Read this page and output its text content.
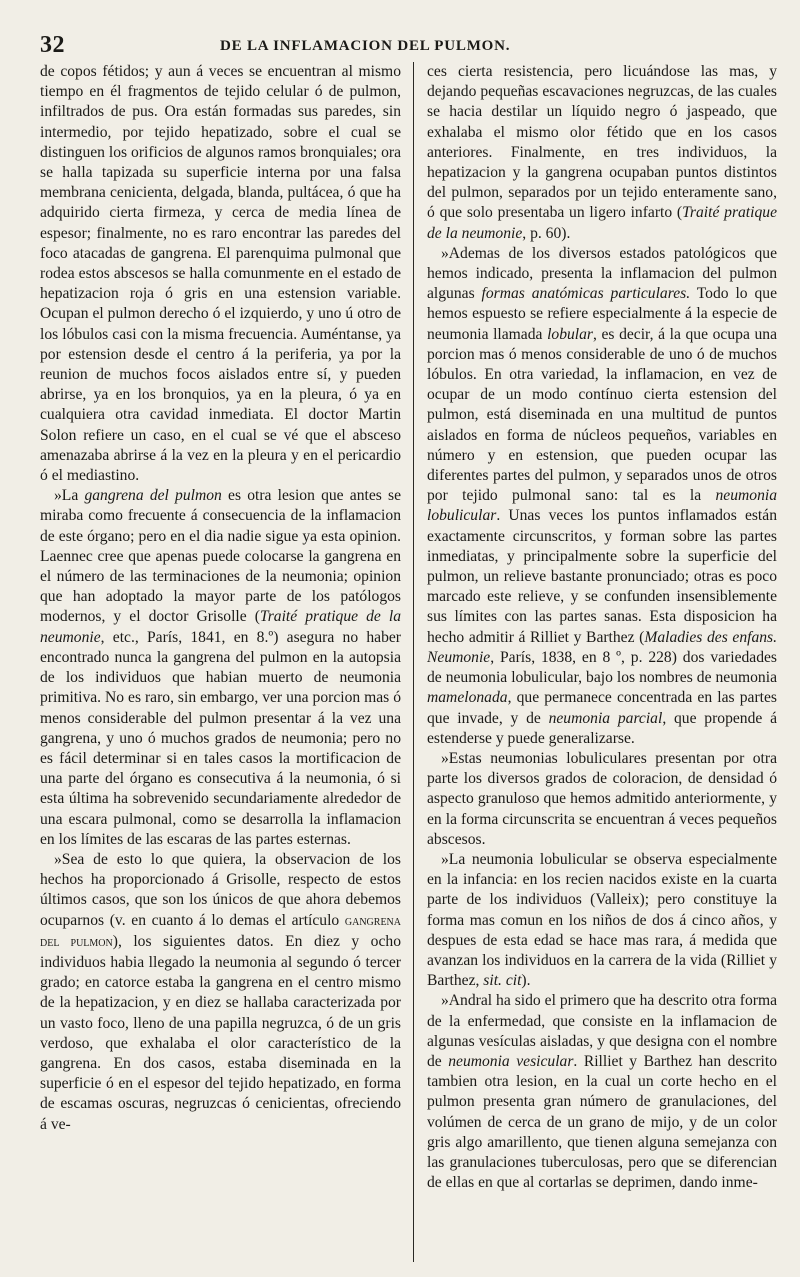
32	DE LA INFLAMACION DEL PULMON.

de copos fétidos; y aun á veces se encuentran al mismo tiempo en él fragmentos de tejido celular ó de pulmon, infiltrados de pus. Ora están formadas sus paredes, sin intermedio, por tejido hepatizado, sobre el cual se distinguen los orificios de algunos ramos bronquiales; ora se halla tapizada su superficie interna por una falsa membrana cenicienta, delgada, blanda, pultácea, ó que ha adquirido cierta firmeza, y cerca de media línea de espesor; finalmente, no es raro encontrar las paredes del foco atacadas de gangrena. El parenquima pulmonal que rodea estos abscesos se halla comunmente en el estado de hepatizacion roja ó gris en una estension variable. Ocupan el pulmon derecho ó el izquierdo, y uno ú otro de los lóbulos casi con la misma frecuencia. Auméntanse, ya por estension desde el centro á la periferia, ya por la reunion de muchos focos aislados entre sí, y pueden abrirse, ya en los bronquios, ya en la pleura, ó ya en cualquiera otra cavidad inmediata. El doctor Martin Solon refiere un caso, en el cual se vé que el absceso amenazaba abrirse á la vez en la pleura y en el pericardio ó el mediastino.

»La gangrena del pulmon es otra lesion que antes se miraba como frecuente á consecuencia de la inflamacion de este órgano; pero en el dia nadie sigue ya esta opinion. Laennec cree que apenas puede colocarse la gangrena en el número de las terminaciones de la neumonia; opinion que han adoptado la mayor parte de los patólogos modernos, y el doctor Grisolle (Traité pratique de la neumonie, etc., París, 1841, en 8.º) asegura no haber encontrado nunca la gangrena del pulmon en la autopsia de los individuos que habian muerto de neumonia primitiva. No es raro, sin embargo, ver una porcion mas ó menos considerable del pulmon presentar á la vez una gangrena, y uno ó muchos grados de neumonia; pero no es fácil determinar si en tales casos la mortificacion de una parte del órgano es consecutiva á la neumonia, ó si esta última ha sobrevenido secundariamente alrededor de una escara pulmonal, como se desarrolla la inflamacion en los límites de las escaras de las partes esternas.

»Sea de esto lo que quiera, la observacion de los hechos ha proporcionado á Grisolle, respecto de estos últimos casos, que son los únicos de que ahora debemos ocuparnos (v. en cuanto á lo demas el artículo gangrena del pulmon), los siguientes datos. En diez y ocho individuos habia llegado la neumonia al segundo ó tercer grado; en catorce estaba la gangrena en el centro mismo de la hepatizacion, y en diez se hallaba caracterizada por un vasto foco, lleno de una papilla negruzca, ó de un gris verdoso, que exhalaba el olor característico de la gangrena. En dos casos, estaba diseminada en la superficie ó en el espesor del tejido hepatizado, en forma de escamas oscuras, negruzcas ó cenicientas, ofreciendo á ve-

ces cierta resistencia, pero licuándose las mas, y dejando pequeñas escavaciones negruzcas, de las cuales se hacia destilar un líquido negro ó jaspeado, que exhalaba el mismo olor fétido que en los casos anteriores. Finalmente, en tres individuos, la hepatizacion y la gangrena ocupaban puntos distintos del pulmon, separados por un tejido enteramente sano, ó que solo presentaba un ligero infarto (Traité pratique de la neumonie, p. 60).

»Ademas de los diversos estados patológicos que hemos indicado, presenta la inflamacion del pulmon algunas formas anatómicas particulares. Todo lo que hemos espuesto se refiere especialmente á la especie de neumonia llamada lobular, es decir, á la que ocupa una porcion mas ó menos considerable de uno ó de muchos lóbulos. En otra variedad, la inflamacion, en vez de ocupar de un modo contínuo cierta estension del pulmon, está diseminada en una multitud de puntos aislados en forma de núcleos pequeños, variables en número y en estension, que pueden ocupar las diferentes partes del pulmon, y separados unos de otros por tejido pulmonal sano: tal es la neumonia lobulicular. Unas veces los puntos inflamados están exactamente circunscritos, y forman sobre las partes inmediatas, y principalmente sobre la superficie del pulmon, un relieve bastante pronunciado; otras es poco marcado este relieve, y se confunden insensiblemente sus límites con las partes sanas. Esta disposicion ha hecho admitir á Rilliet y Barthez (Maladies des enfans. Neumonie, París, 1838, en 8 º, p. 228) dos variedades de neumonia lobulicular, bajo los nombres de neumonia mamelonada, que permanece concentrada en las partes que invade, y de neumonia parcial, que propende á estenderse y puede generalizarse.

»Estas neumonias lobuliculares presentan por otra parte los diversos grados de coloracion, de densidad ó aspecto granuloso que hemos admitido anteriormente, y en la forma circunscrita se encuentran á veces pequeños abscesos.

»La neumonia lobulicular se observa especialmente en la infancia: en los recien nacidos existe en la cuarta parte de los individuos (Valleix); pero constituye la forma mas comun en los niños de dos á cinco años, y despues de esta edad se hace mas rara, á medida que avanzan los individuos en la carrera de la vida (Rilliet y Barthez, sit. cit).

»Andral ha sido el primero que ha descrito otra forma de la enfermedad, que consiste en la inflamacion de algunas vesículas aisladas, y que designa con el nombre de neumonia vesicular. Rilliet y Barthez han descrito tambien otra lesion, en la cual un corte hecho en el pulmon presenta gran número de granulaciones, del volúmen de cerca de un grano de mijo, y de un color gris algo amarillento, que tienen alguna semejanza con las granulaciones tuberculosas, pero que se diferencian de ellas en que al cortarlas se deprimen, dando inme-
